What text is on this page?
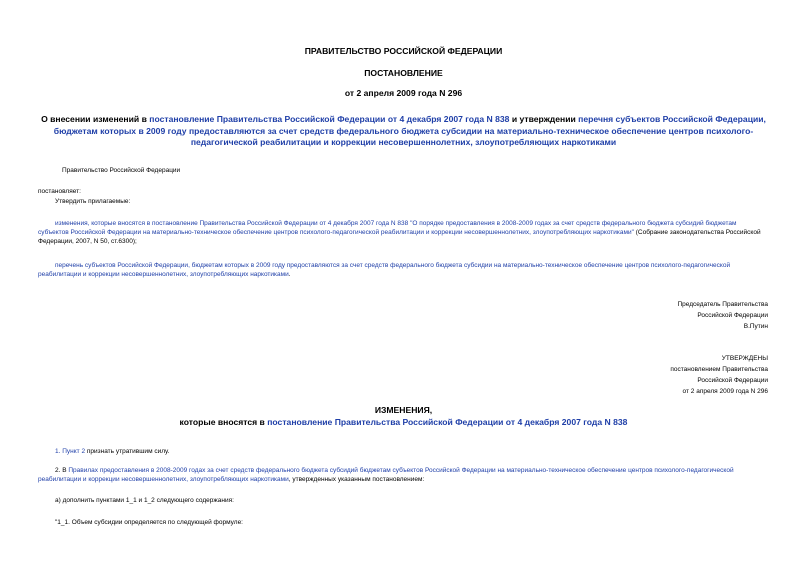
ПРАВИТЕЛЬСТВО РОССИЙСКОЙ ФЕДЕРАЦИИ
ПОСТАНОВЛЕНИЕ
от 2 апреля 2009 года N 296
О внесении изменений в постановление Правительства Российской Федерации от 4 декабря 2007 года N 838 и утверждении перечня субъектов Российской Федерации, бюджетам которых в 2009 году предоставляются за счет средств федерального бюджета субсидии на материально-техническое обеспечение центров психолого-педагогической реабилитации и коррекции несовершеннолетних, злоупотребляющих наркотиками
Правительство Российской Федерации
постановляет:
Утвердить прилагаемые:
изменения, которые вносятся в постановление Правительства Российской Федерации от 4 декабря 2007 года N 838 "О порядке предоставления в 2008-2009 годах за счет средств федерального бюджета субсидий бюджетам субъектов Российской Федерации на материально-техническое обеспечение центров психолого-педагогической реабилитации и коррекции несовершеннолетних, злоупотребляющих наркотиками" (Собрание законодательства Российской Федерации, 2007, N 50, ст.6300);
перечень субъектов Российской Федерации, бюджетам которых в 2009 году предоставляются за счет средств федерального бюджета субсидии на материально-техническое обеспечение центров психолого-педагогической реабилитации и коррекции несовершеннолетних, злоупотребляющих наркотиками.
Председатель Правительства
Российской Федерации
В.Путин
УТВЕРЖДЕНЫ
постановлением Правительства
Российской Федерации
от 2 апреля 2009 года N 296
ИЗМЕНЕНИЯ,
которые вносятся в постановление Правительства Российской Федерации от 4 декабря 2007 года N 838
1. Пункт 2 признать утратившим силу.
2. В Правилах предоставления в 2008-2009 годах за счет средств федерального бюджета субсидий бюджетам субъектов Российской Федерации на материально-техническое обеспечение центров психолого-педагогической реабилитации и коррекции несовершеннолетних, злоупотребляющих наркотиками, утвержденных указанным постановлением:
а) дополнить пунктами 1_1 и 1_2 следующего содержания:
"1_1. Объем субсидии определяется по следующей формуле:
